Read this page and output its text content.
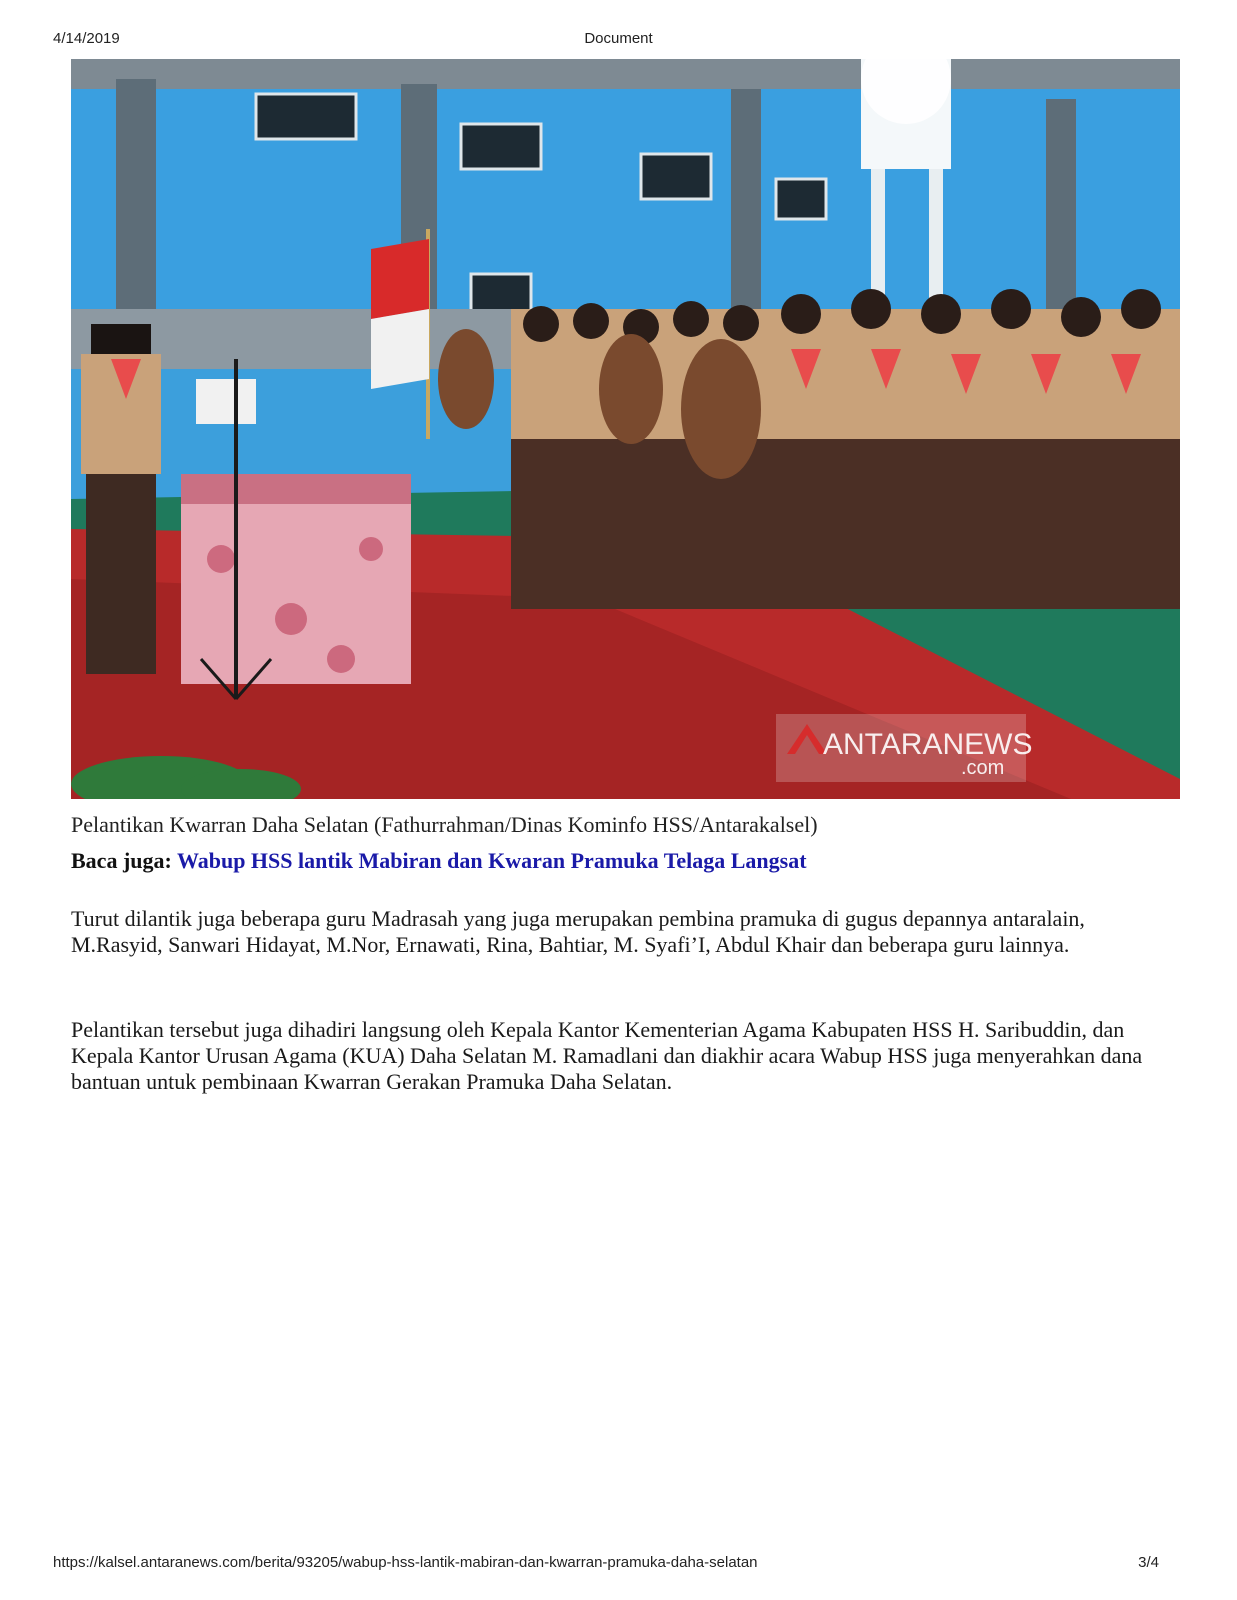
4/14/2019	Document
ANTARANEWS
.com
Pelantikan Kwarran Daha Selatan (Fathurrahman/Dinas Kominfo HSS/Antarakalsel)
Baca juga: Wabup HSS lantik Mabiran dan Kwaran Pramuka Telaga Langsat

Turut dilantik juga beberapa guru Madrasah yang juga merupakan pembina pramuka di gugus depannya antaralain, M.Rasyid, Sanwari Hidayat, M.Nor, Ernawati, Rina, Bahtiar, M. Syafi’I, Abdul Khair dan beberapa guru lainnya.

Pelantikan tersebut juga dihadiri langsung oleh Kepala Kantor Kementerian Agama Kabupaten HSS H. Saribuddin, dan Kepala Kantor Urusan Agama (KUA) Daha Selatan M. Ramadlani dan diakhir acara Wabup HSS juga menyerahkan dana bantuan untuk pembinaan Kwarran Gerakan Pramuka Daha Selatan.

https://kalsel.antaranews.com/berita/93205/wabup-hss-lantik-mabiran-dan-kwarran-pramuka-daha-selatan	3/4
